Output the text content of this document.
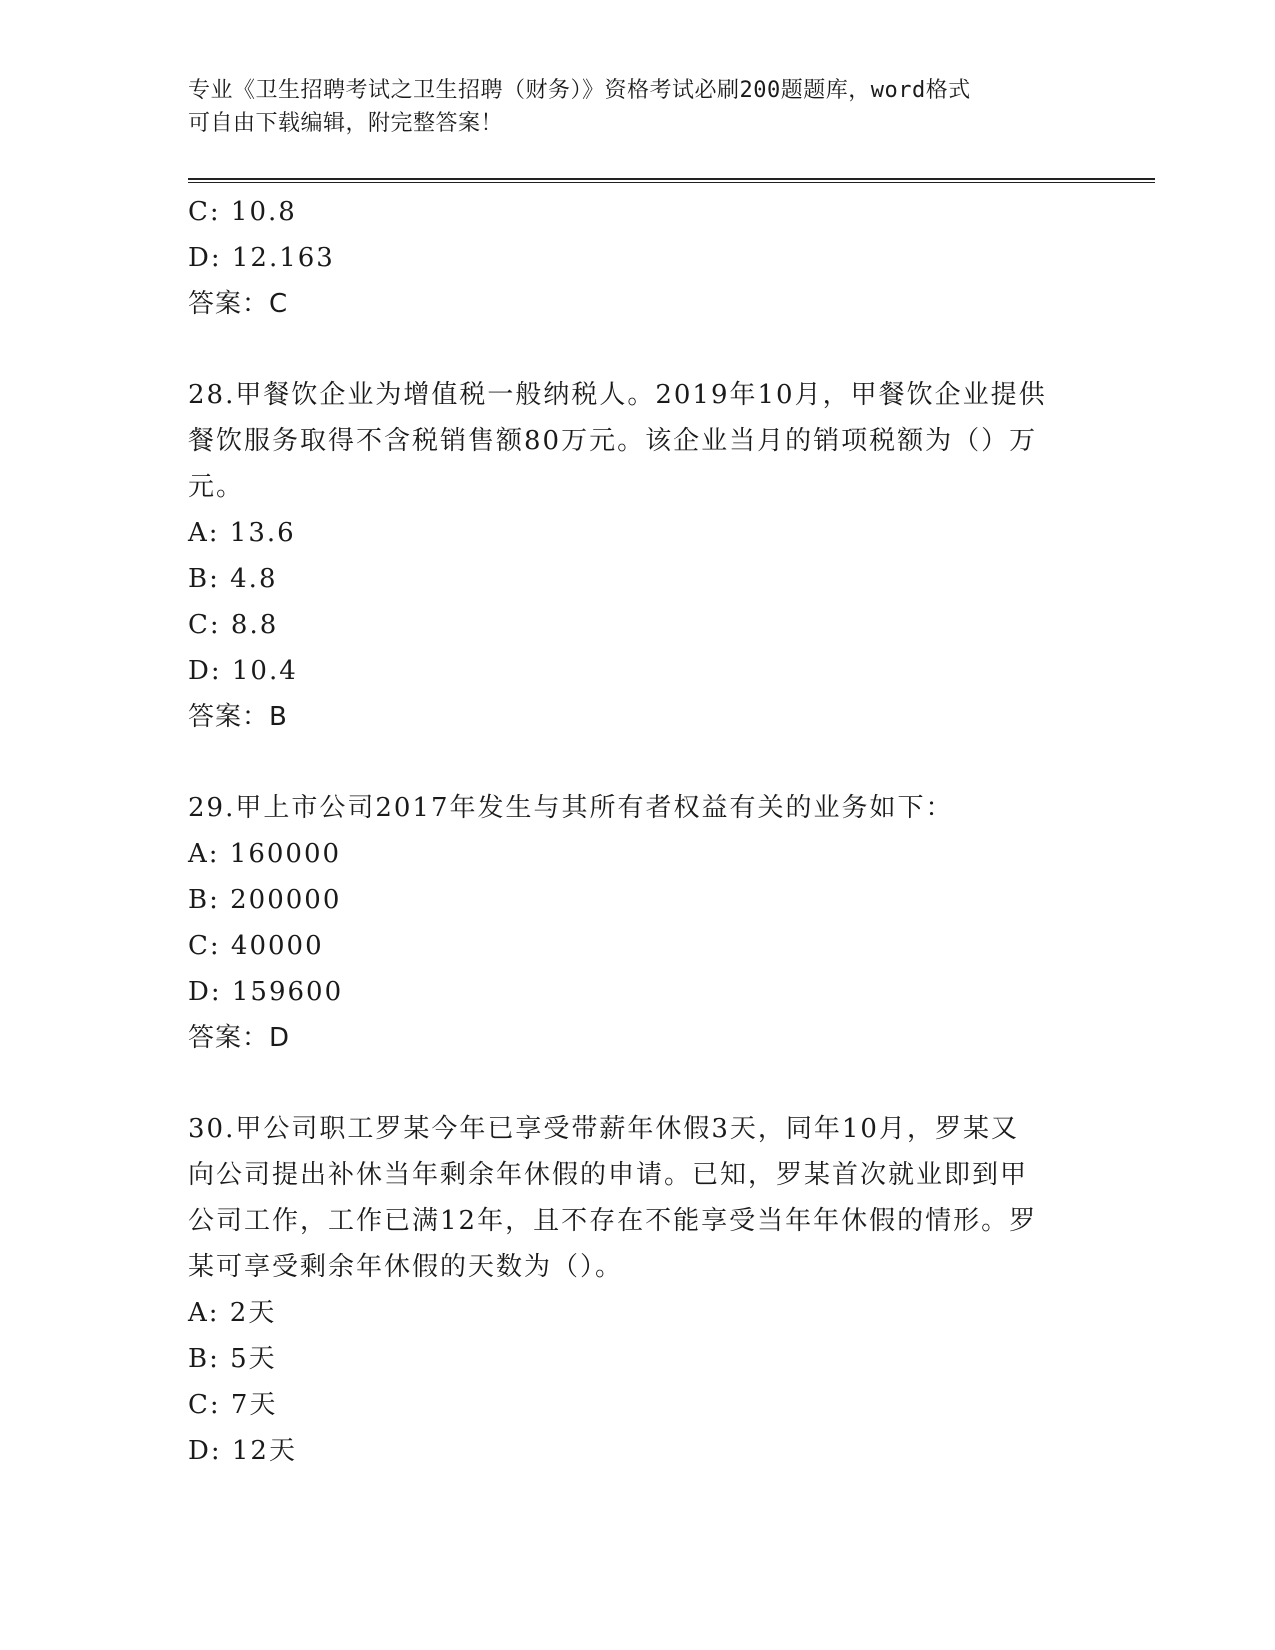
专业《卫生招聘考试之卫生招聘（财务）》资格考试必刷200题题库，word格式
可自由下载编辑，附完整答案！
C: 10.8
D: 12.163
答案：C
28.甲餐饮企业为增值税一般纳税人。2019年10月，甲餐饮企业提供
餐饮服务取得不含税销售额80万元。该企业当月的销项税额为（）万
元。
A: 13.6
B: 4.8
C: 8.8
D: 10.4
答案：B
29.甲上市公司2017年发生与其所有者权益有关的业务如下：
A: 160000
B: 200000
C: 40000
D: 159600
答案：D
30.甲公司职工罗某今年已享受带薪年休假3天，同年10月，罗某又
向公司提出补休当年剩余年休假的申请。已知，罗某首次就业即到甲
公司工作，工作已满12年，且不存在不能享受当年年休假的情形。罗
某可享受剩余年休假的天数为（）。
A: 2天
B: 5天
C: 7天
D: 12天
